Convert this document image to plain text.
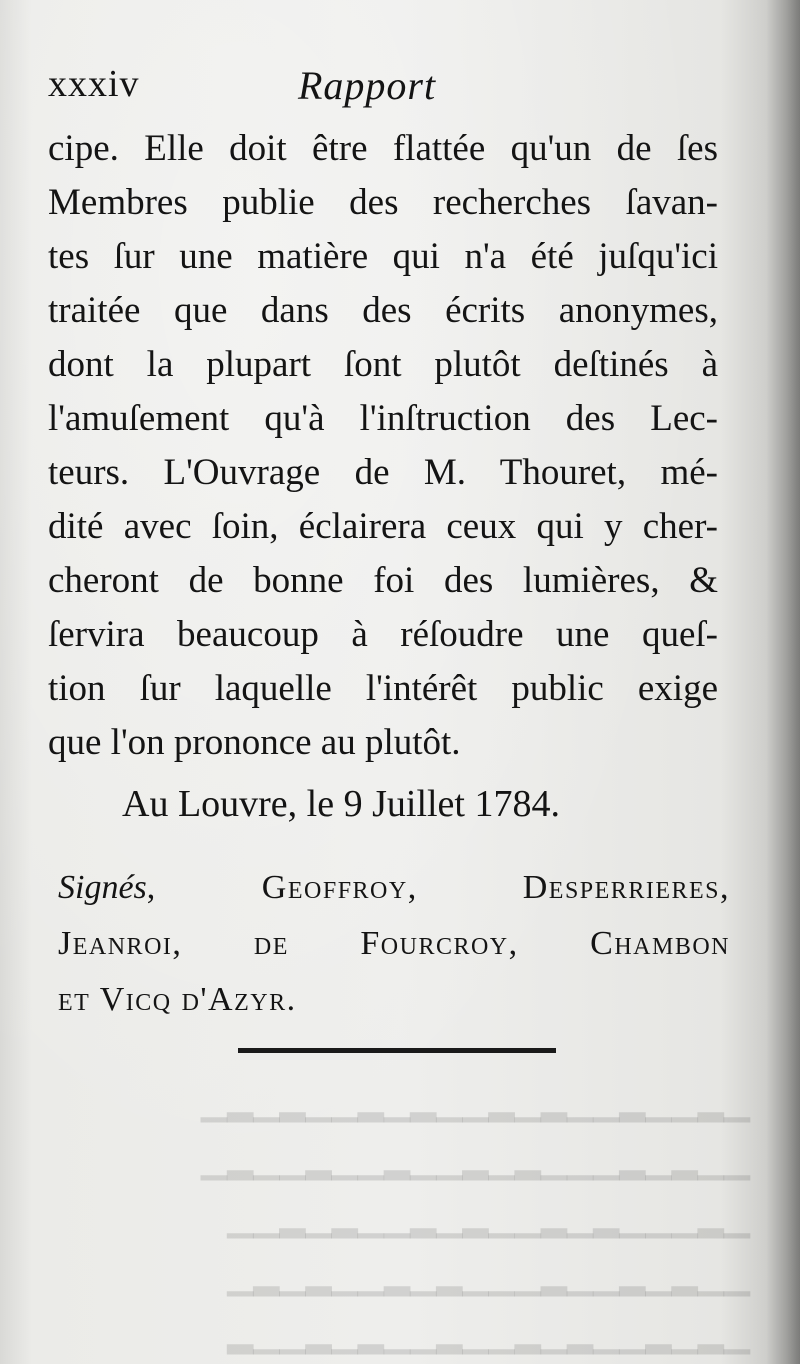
xxxiv	Rapport
cipe. Elle doit être flattée qu'un de ſes
Membres publie des recherches ſavan-
tes ſur une matière qui n'a été juſqu'ici
traitée que dans des écrits anonymes,
dont la plupart ſont plutôt deſtinés à
l'amuſement qu'à l'inſtruction des Lec-
teurs. L'Ouvrage de M. Thouret, mé-
dité avec ſoin, éclairera ceux qui y cher-
cheront de bonne foi des lumières, &
ſervira beaucoup à réſoudre une queſ-
tion ſur laquelle l'intérêt public exige
que l'on prononce au plutôt.
Au Louvre, le 9 Juillet 1784.
Signés, Geoffroy, Desperrieres,
Jeanroi, de Fourcroy, Chambon
et Vicq d'Azyr.
▁▂▁▁▂▁▁▂▁▂▁▁▂▁▂▁▁▂▁▂▁
▁▁▂▁▂▁▁▁▂▁▂▁▁▂▁▁▂▁▁▂▁
▁▂▁▁▁▂▁▂▁▁▂▁▂▁▁▂▁▂▁▁
▁▁▂▁▂▁▁▂▁▁▁▂▁▂▁▁▂▁▂▁
▁▂▁▂▁▁▂▁▂▁▁▂▁▁▂▁▂▁▁▂
